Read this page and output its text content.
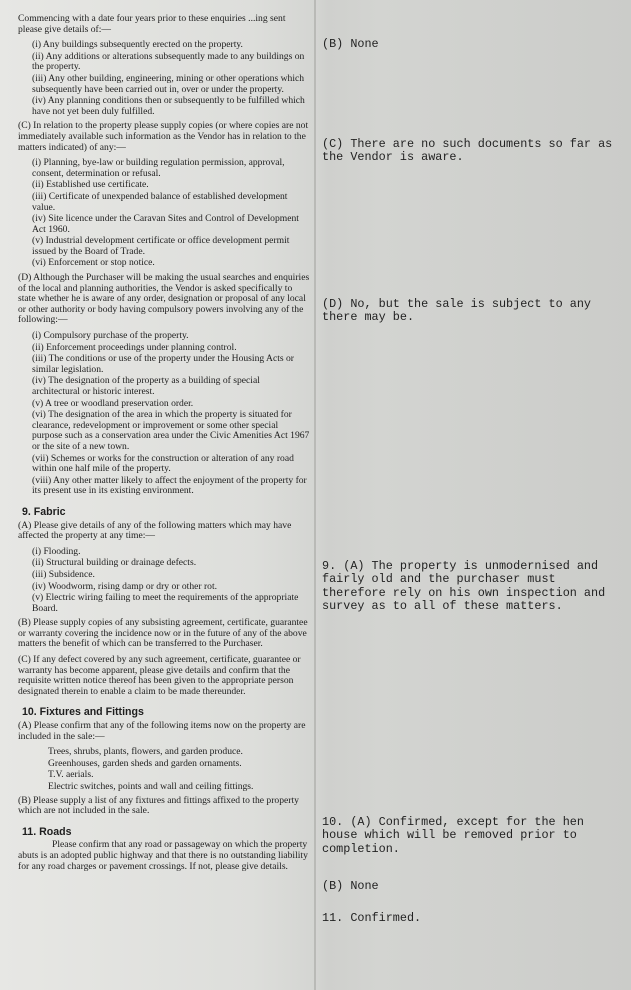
Commencing with a date four years prior to these enquiries ...ing sent please give details of:—

(i) Any buildings subsequently erected on the property.
(ii) Any additions or alterations subsequently made to any buildings on the property.
(iii) Any other building, engineering, mining or other operations which subsequently have been carried out in, over or under the property.
(iv) Any planning conditions then or subsequently to be fulfilled which have not yet been duly fulfilled.

(C) In relation to the property please supply copies (or where copies are not immediately available such information as the Vendor has in relation to the matters indicated) of any:—

(i) Planning, bye-law or building regulation permission, approval, consent, determination or refusal.
(ii) Established use certificate.
(iii) Certificate of unexpended balance of established development value.
(iv) Site licence under the Caravan Sites and Control of Development Act 1960.
(v) Industrial development certificate or office development permit issued by the Board of Trade.
(vi) Enforcement or stop notice.

(D) Although the Purchaser will be making the usual searches and enquiries of the local and planning authorities, the Vendor is asked specifically to state whether he is aware of any order, designation or proposal of any local or other authority or body having compulsory powers involving any of the following:—

(i) Compulsory purchase of the property.
(ii) Enforcement proceedings under planning control.
(iii) The conditions or use of the property under the Housing Acts or similar legislation.
(iv) The designation of the property as a building of special architectural or historic interest.
(v) A tree or woodland preservation order.
(vi) The designation of the area in which the property is situated for clearance, redevelopment or improvement or some other special purpose such as a conservation area under the Civic Amenities Act 1967 or the site of a new town.
(vii) Schemes or works for the construction or alteration of any road within one half mile of the property.
(viii) Any other matter likely to affect the enjoyment of the property for its present use in its existing environment.
9. Fabric

(A) Please give details of any of the following matters which may have affected the property at any time:—

(i) Flooding.
(ii) Structural building or drainage defects.
(iii) Subsidence.
(iv) Woodworm, rising damp or dry or other rot.
(v) Electric wiring failing to meet the requirements of the appropriate Board.

(B) Please supply copies of any subsisting agreement, certificate, guarantee or warranty covering the incidence now or in the future of any of the above matters the benefit of which can be transferred to the Purchaser.

(C) If any defect covered by any such agreement, certificate, guarantee or warranty has become apparent, please give details and confirm that the requisite written notice thereof has been given to the appropriate person designated therein to enable a claim to be made thereunder.

10. Fixtures and Fittings

(A) Please confirm that any of the following items now on the property are included in the sale:—

Trees, shrubs, plants, flowers, and garden produce.
Greenhouses, garden sheds and garden ornaments.
T.V. aerials.
Electric switches, points and wall and ceiling fittings.

(B) Please supply a list of any fixtures and fittings affixed to the property which are not included in the sale.

11. Roads

Please confirm that any road or passageway on which the property abuts is an adopted public highway and that there is no outstanding liability for any road charges or pavement crossings. If not, please give details.

(B) None
(C) There are no such documents so far as the Vendor is aware.
(D) No, but the sale is subject to any there may be.
9. (A) The property is unmodernised and fairly old and the purchaser must therefore rely on his own inspection and survey as to all of these matters.
10. (A) Confirmed, except for the hen house which will be removed prior to completion.
(B) None
11. Confirmed.
